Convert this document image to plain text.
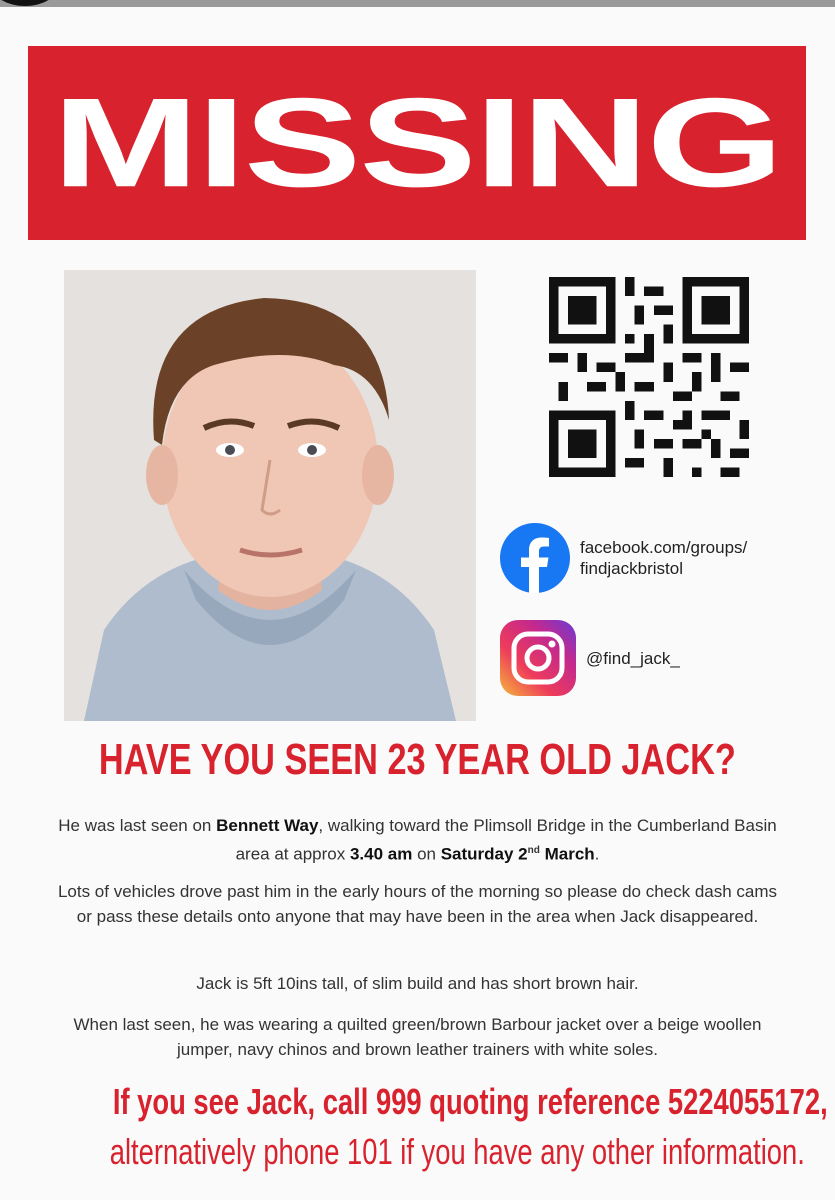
MISSING
facebook.com/groups/
findjackbristol
@find_jack_
HAVE YOU SEEN 23 YEAR OLD JACK?
He was last seen on Bennett Way, walking toward the Plimsoll Bridge in the Cumberland Basin area at approx 3.40 am on Saturday 2nd March.
Lots of vehicles drove past him in the early hours of the morning so please do check dash cams or pass these details onto anyone that may have been in the area when Jack disappeared.
Jack is 5ft 10ins tall, of slim build and has short brown hair.
When last seen, he was wearing a quilted green/brown Barbour jacket over a beige woollen jumper, navy chinos and brown leather trainers with white soles.
If you see Jack, call 999 quoting reference 5224055172,
alternatively phone 101 if you have any other information.
